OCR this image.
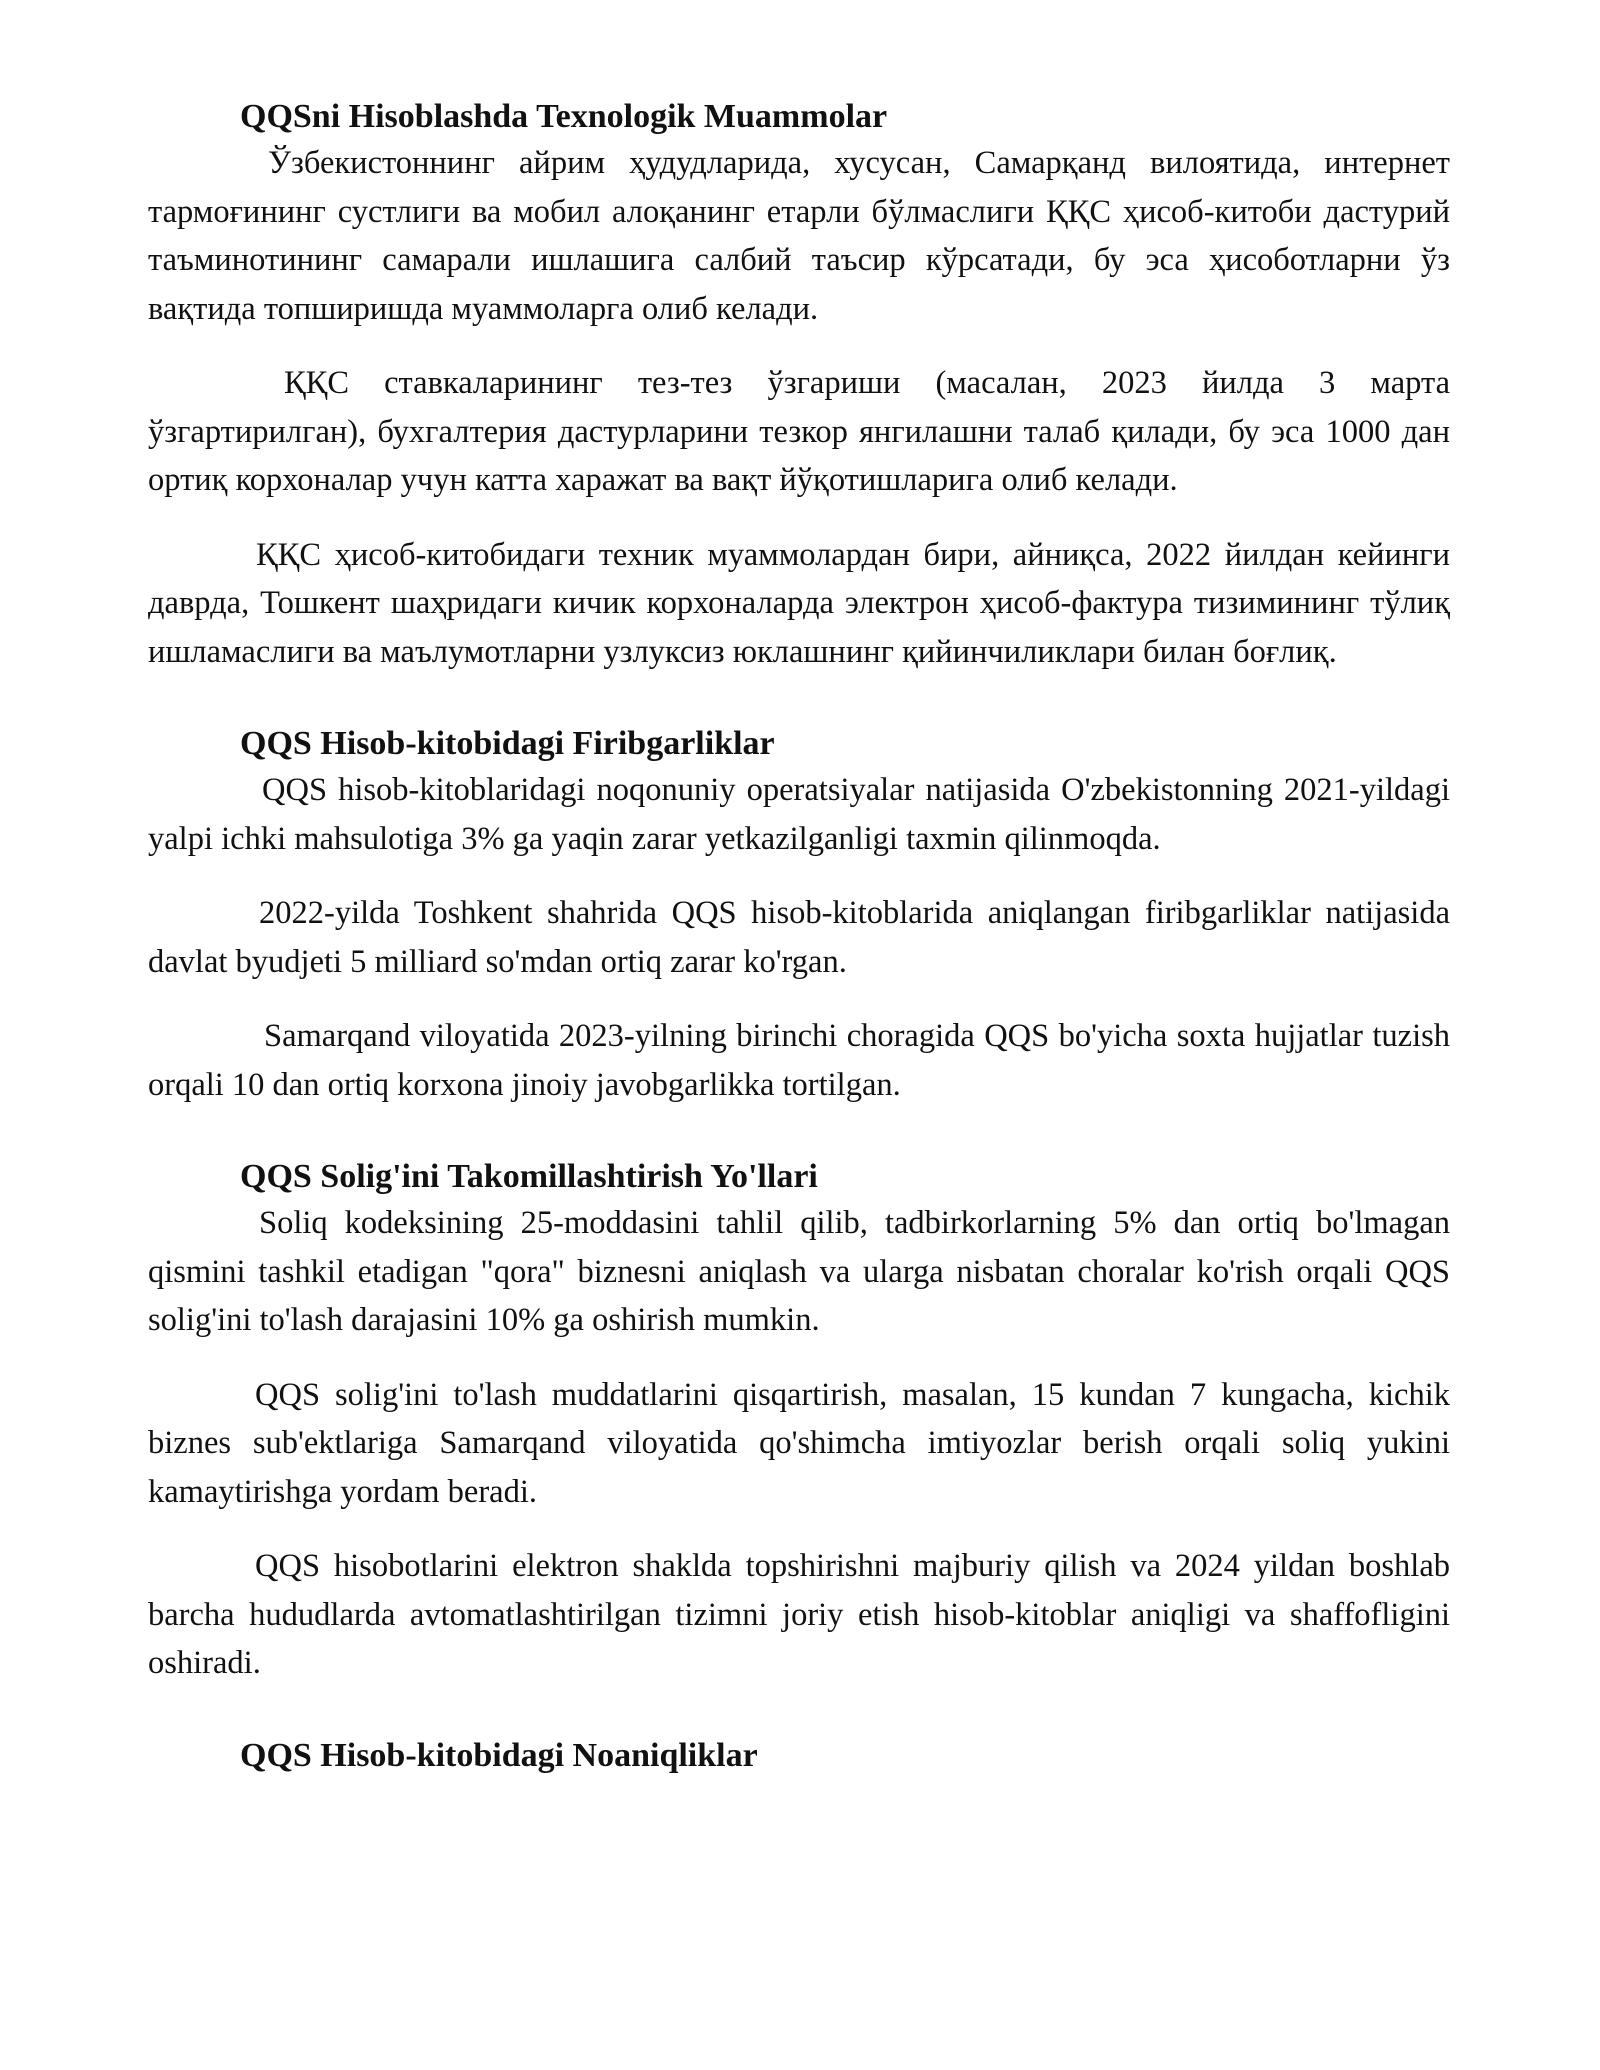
QQSni Hisoblashda Texnologik Muammolar

Ўзбекистоннинг айрим ҳудудларида, хусусан, Самарқанд вилоятида, интернет тармоғининг сустлиги ва мобил алоқанинг етарли бўлмаслиги ҚҚС ҳисоб-китоби дастурий таъминотининг самарали ишлашига салбий таъсир кўрсатади, бу эса ҳисоботларни ўз вақтида топширишда муаммоларга олиб келади.

ҚҚС ставкаларининг тез-тез ўзгариши (масалан, 2023 йилда 3 марта ўзгартирилган), бухгалтерия дастурларини тезкор янгилашни талаб қилади, бу эса 1000 дан ортиқ корхоналар учун катта харажат ва вақт йўқотишларига олиб келади.

ҚҚС ҳисоб-китобидаги техник муаммолардан бири, айниқса, 2022 йилдан кейинги даврда, Тошкент шаҳридаги кичик корхоналарда электрон ҳисоб-фактура тизимининг тўлиқ ишламаслиги ва маълумотларни узлуксиз юклашнинг қийинчиликлари билан боғлиқ.

QQS Hisob-kitobidagi Firibgarliklar

QQS hisob-kitoblaridagi noqonuniy operatsiyalar natijasida O'zbekistonning 2021-yildagi yalpi ichki mahsulotiga 3% ga yaqin zarar yetkazilganligi taxmin qilinmoqda.

2022-yilda Toshkent shahrida QQS hisob-kitoblarida aniqlangan firibgarliklar natijasida davlat byudjeti 5 milliard so'mdan ortiq zarar ko'rgan.

Samarqand viloyatida 2023-yilning birinchi choragida QQS bo'yicha soxta hujjatlar tuzish orqali 10 dan ortiq korxona jinoiy javobgarlikka tortilgan.

QQS Solig'ini Takomillashtirish Yo'llari

Soliq kodeksining 25-moddasini tahlil qilib, tadbirkorlarning 5% dan ortiq bo'lmagan qismini tashkil etadigan "qora" biznesni aniqlash va ularga nisbatan choralar ko'rish orqali QQS solig'ini to'lash darajasini 10% ga oshirish mumkin.

QQS solig'ini to'lash muddatlarini qisqartirish, masalan, 15 kundan 7 kungacha, kichik biznes sub'ektlariga Samarqand viloyatida qo'shimcha imtiyozlar berish orqali soliq yukini kamaytirishga yordam beradi.

QQS hisobotlarini elektron shaklda topshirishni majburiy qilish va 2024 yildan boshlab barcha hududlarda avtomatlashtirilgan tizimni joriy etish hisob-kitoblar aniqligi va shaffofligini oshiradi.

QQS Hisob-kitobidagi Noaniqliklar
